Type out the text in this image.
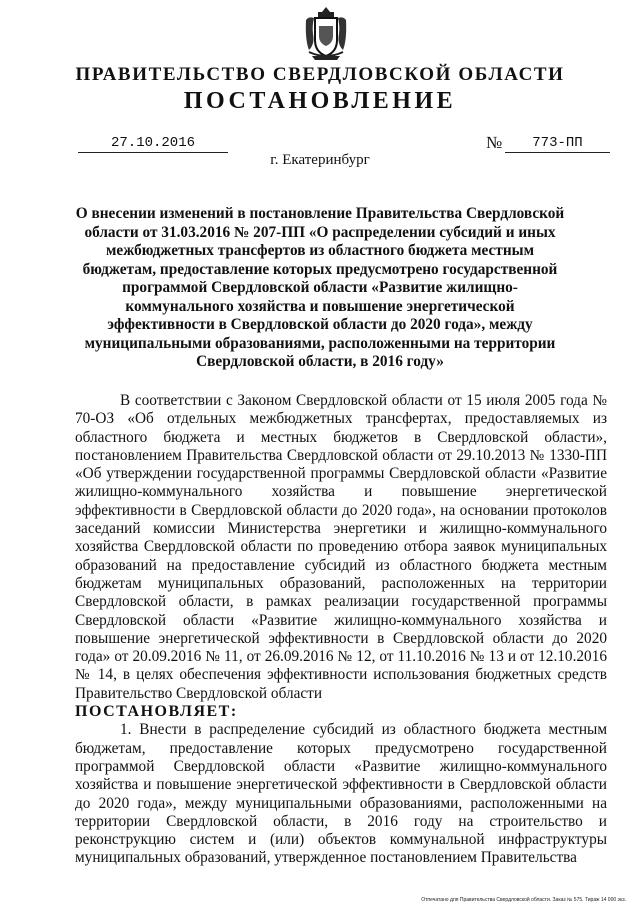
ПРАВИТЕЛЬСТВО СВЕРДЛОВСКОЙ ОБЛАСТИ
ПОСТАНОВЛЕНИЕ
27.10.2016	№	773-ПП
г. Екатеринбург
О внесении изменений в постановление Правительства Свердловской области от 31.03.2016 № 207-ПП «О распределении субсидий и иных межбюджетных трансфертов из областного бюджета местным бюджетам, предоставление которых предусмотрено государственной программой Свердловской области «Развитие жилищно-коммунального хозяйства и повышение энергетической эффективности в Свердловской области до 2020 года», между муниципальными образованиями, расположенными на территории Свердловской области, в 2016 году»

В соответствии с Законом Свердловской области от 15 июля 2005 года № 70-ОЗ «Об отдельных межбюджетных трансфертах, предоставляемых из областного бюджета и местных бюджетов в Свердловской области», постановлением Правительства Свердловской области от 29.10.2013 № 1330-ПП «Об утверждении государственной программы Свердловской области «Развитие жилищно-коммунального хозяйства и повышение энергетической эффективности в Свердловской области до 2020 года», на основании протоколов заседаний комиссии Министерства энергетики и жилищно-коммунального хозяйства Свердловской области по проведению отбора заявок муниципальных образований на предоставление субсидий из областного бюджета местным бюджетам муниципальных образований, расположенных на территории Свердловской области, в рамках реализации государственной программы Свердловской области «Развитие жилищно-коммунального хозяйства и повышение энергетической эффективности в Свердловской области до 2020 года» от 20.09.2016 № 11, от 26.09.2016 № 12, от 11.10.2016 № 13 и от 12.10.2016 № 14, в целях обеспечения эффективности использования бюджетных средств Правительство Свердловской области

ПОСТАНОВЛЯЕТ:

1. Внести в распределение субсидий из областного бюджета местным бюджетам, предоставление которых предусмотрено государственной программой Свердловской области «Развитие жилищно-коммунального хозяйства и повышение энергетической эффективности в Свердловской области до 2020 года», между муниципальными образованиями, расположенными на территории Свердловской области, в 2016 году на строительство и реконструкцию систем и (или) объектов коммунальной инфраструктуры муниципальных образований, утвержденное постановлением Правительства

Отпечатано для Правительства Свердловской области. Заказ № 575. Тираж 14 000 экз.
